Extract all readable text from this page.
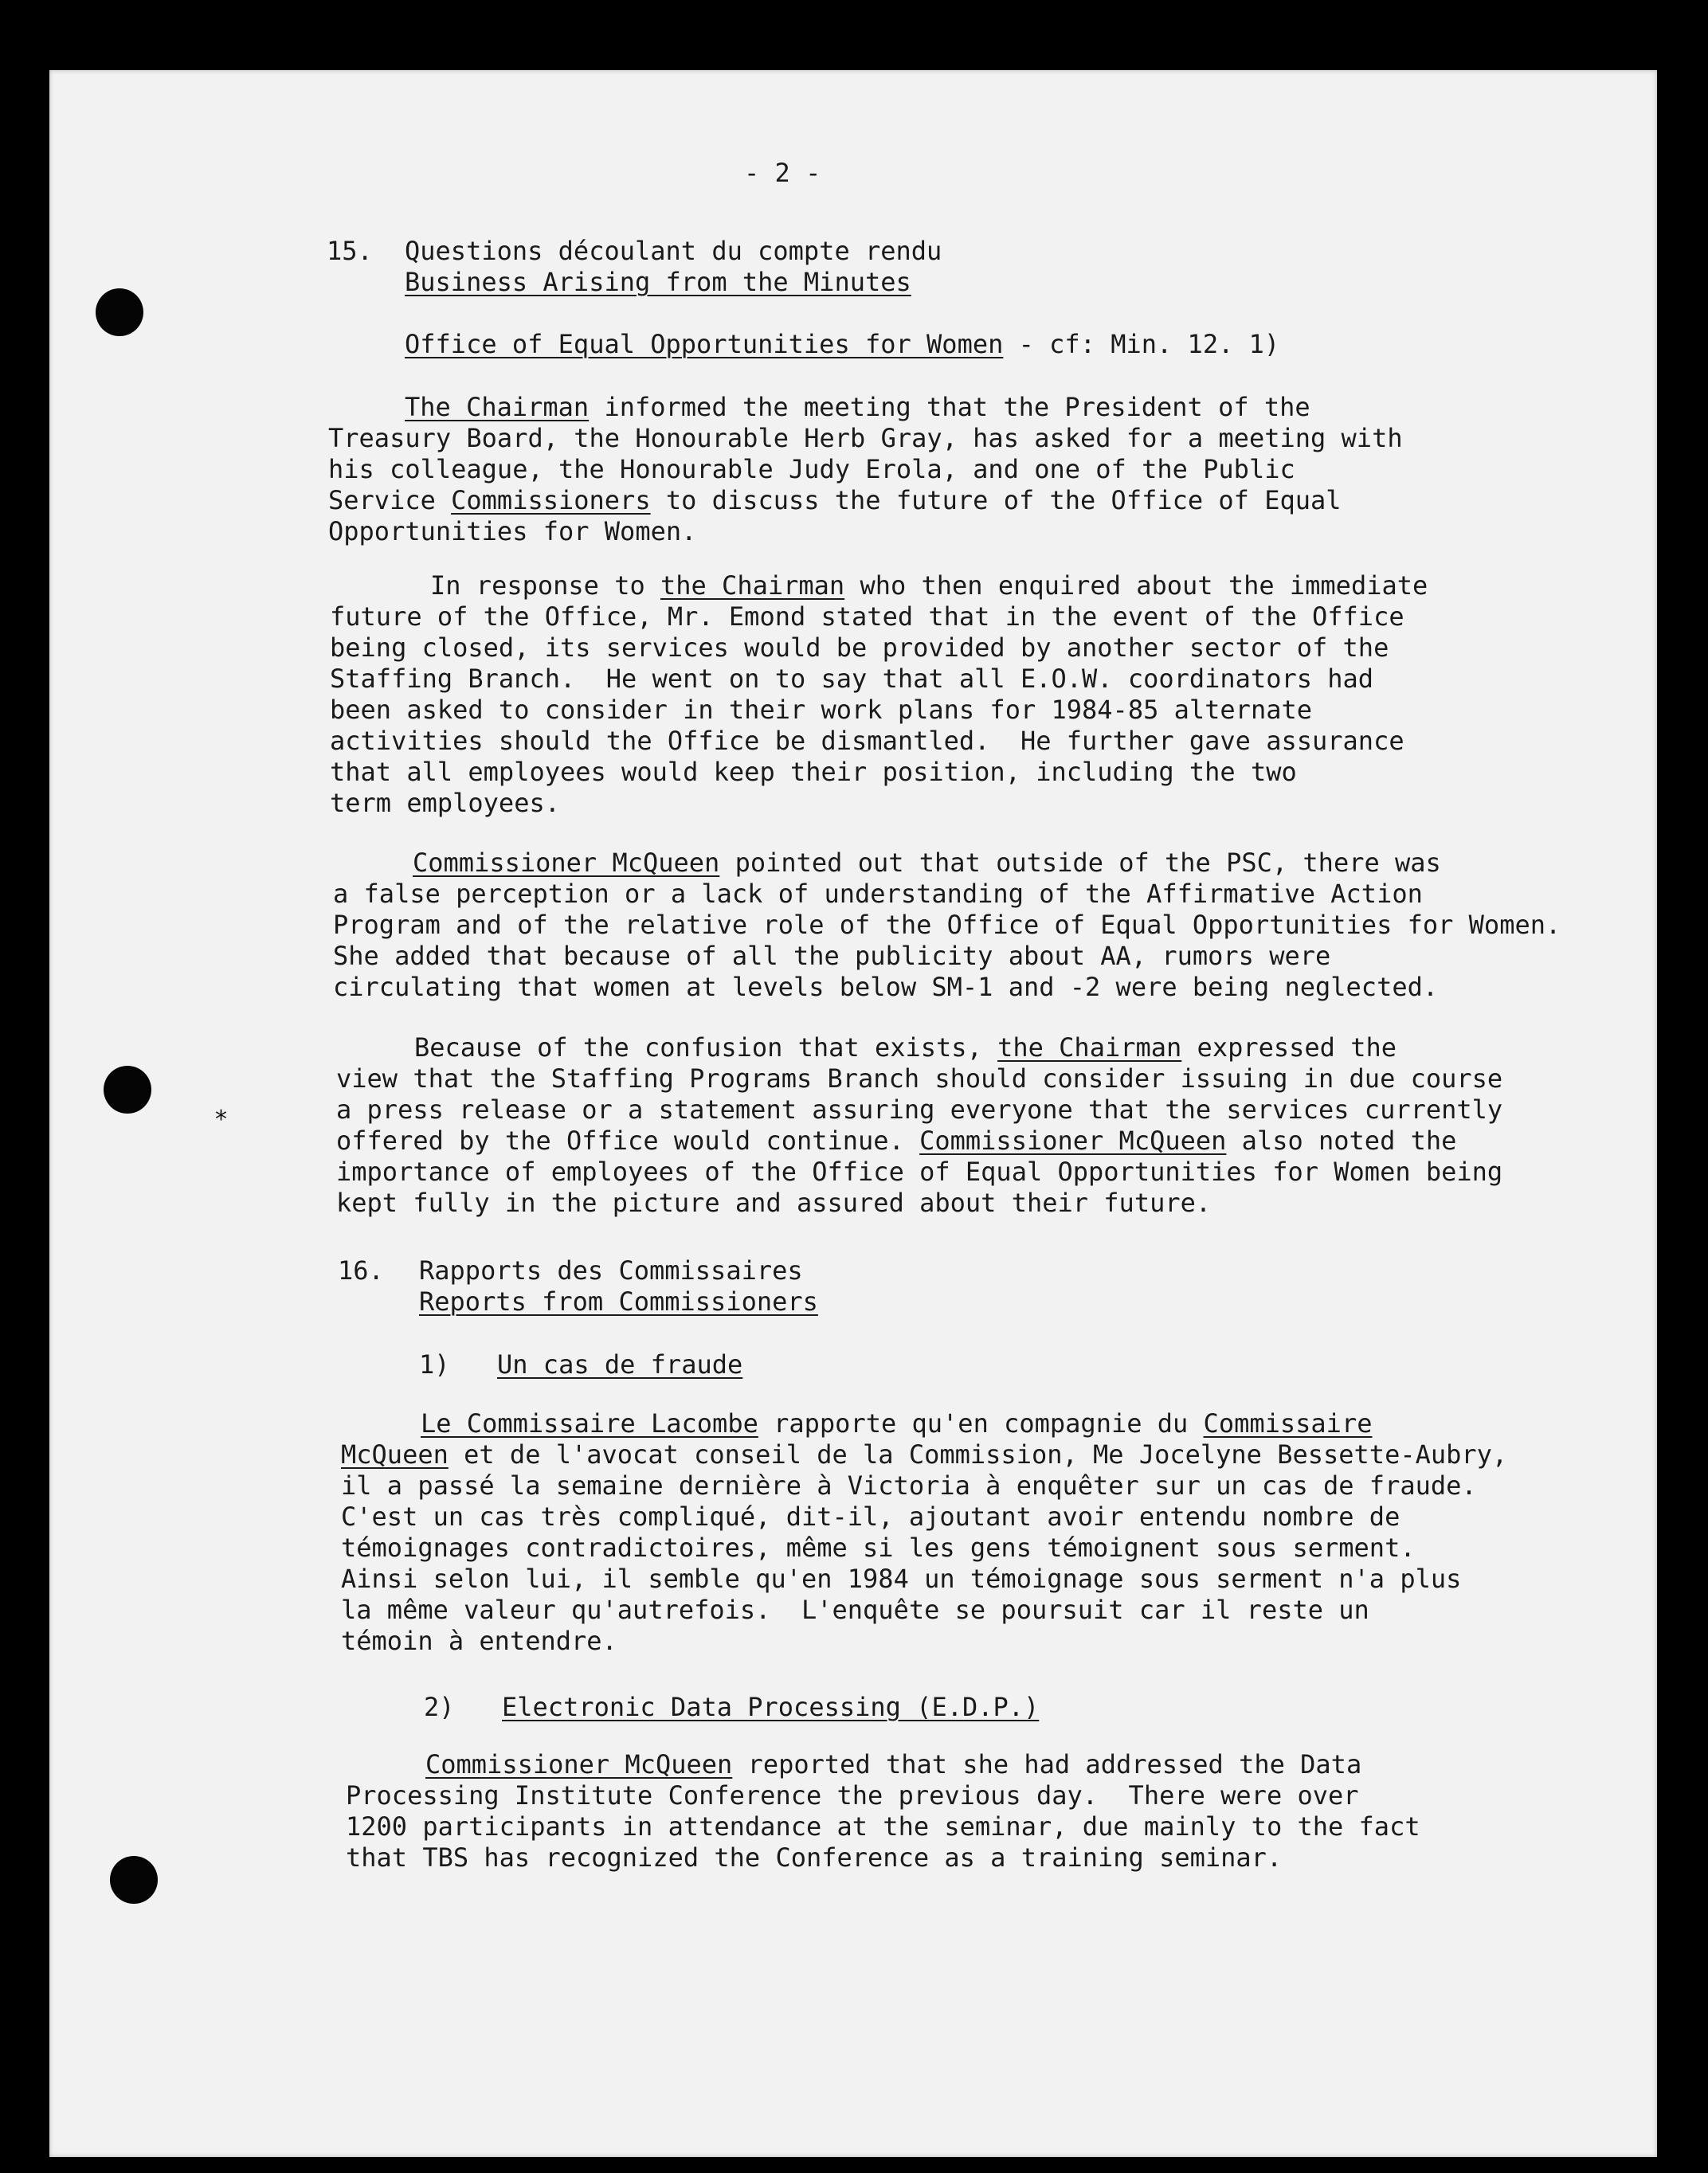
- 2 -
15. Questions découlant du compte rendu
Business Arising from the Minutes
Office of Equal Opportunities for Women - cf: Min. 12. 1)
The Chairman informed the meeting that the President of the
Treasury Board, the Honourable Herb Gray, has asked for a meeting with
his colleague, the Honourable Judy Erola, and one of the Public
Service Commissioners to discuss the future of the Office of Equal
Opportunities for Women.
In response to the Chairman who then enquired about the immediate
future of the Office, Mr. Emond stated that in the event of the Office
being closed, its services would be provided by another sector of the
Staffing Branch.  He went on to say that all E.O.W. coordinators had
been asked to consider in their work plans for 1984-85 alternate
activities should the Office be dismantled.  He further gave assurance
that all employees would keep their position, including the two
term employees.
Commissioner McQueen pointed out that outside of the PSC, there was
a false perception or a lack of understanding of the Affirmative Action
Program and of the relative role of the Office of Equal Opportunities for Women.
She added that because of all the publicity about AA, rumors were
circulating that women at levels below SM-1 and -2 were being neglected.
*
Because of the confusion that exists, the Chairman expressed the
view that the Staffing Programs Branch should consider issuing in due course
a press release or a statement assuring everyone that the services currently
offered by the Office would continue. Commissioner McQueen also noted the
importance of employees of the Office of Equal Opportunities for Women being
kept fully in the picture and assured about their future.
16. Rapports des Commissaires
Reports from Commissioners
1) Un cas de fraude
Le Commissaire Lacombe rapporte qu'en compagnie du Commissaire
McQueen et de l'avocat conseil de la Commission, Me Jocelyne Bessette-Aubry,
il a passé la semaine dernière à Victoria à enquêter sur un cas de fraude.
C'est un cas très compliqué, dit-il, ajoutant avoir entendu nombre de
témoignages contradictoires, même si les gens témoignent sous serment.
Ainsi selon lui, il semble qu'en 1984 un témoignage sous serment n'a plus
la même valeur qu'autrefois.  L'enquête se poursuit car il reste un
témoin à entendre.
2) Electronic Data Processing (E.D.P.)
Commissioner McQueen reported that she had addressed the Data
Processing Institute Conference the previous day.  There were over
1200 participants in attendance at the seminar, due mainly to the fact
that TBS has recognized the Conference as a training seminar.
